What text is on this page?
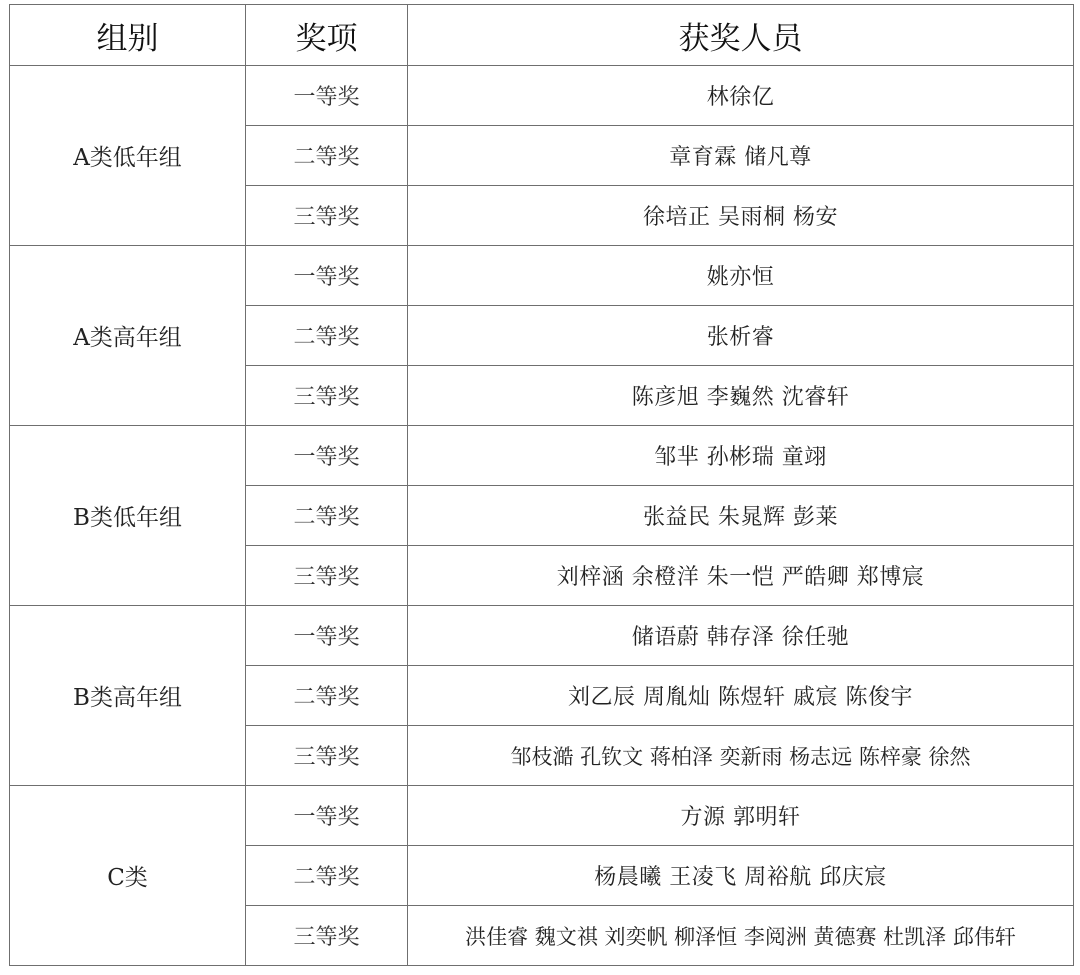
组别	奖项	获奖人员
A类低年组	一等奖	林徐亿
	二等奖	章育霖 储凡尊
	三等奖	徐培正 吴雨桐 杨安
A类高年组	一等奖	姚亦恒
	二等奖	张析睿
	三等奖	陈彦旭 李巍然 沈睿轩
B类低年组	一等奖	邹芈 孙彬瑞 童翊
	二等奖	张益民 朱晁辉 彭莱
	三等奖	刘梓涵 余橙洋 朱一恺 严皓卿 郑博宸
B类高年组	一等奖	储语蔚 韩存泽 徐任驰
	二等奖	刘乙辰 周胤灿 陈煜轩 戚宸 陈俊宇
	三等奖	邹枝澔 孔钦文 蒋柏泽 奕新雨 杨志远 陈梓豪 徐然
C类	一等奖	方源 郭明轩
	二等奖	杨晨曦 王凌飞 周裕航 邱庆宸
	三等奖	洪佳睿 魏文祺 刘奕帆 柳泽恒 李阅洲 黄德赛 杜凯泽 邱伟轩
